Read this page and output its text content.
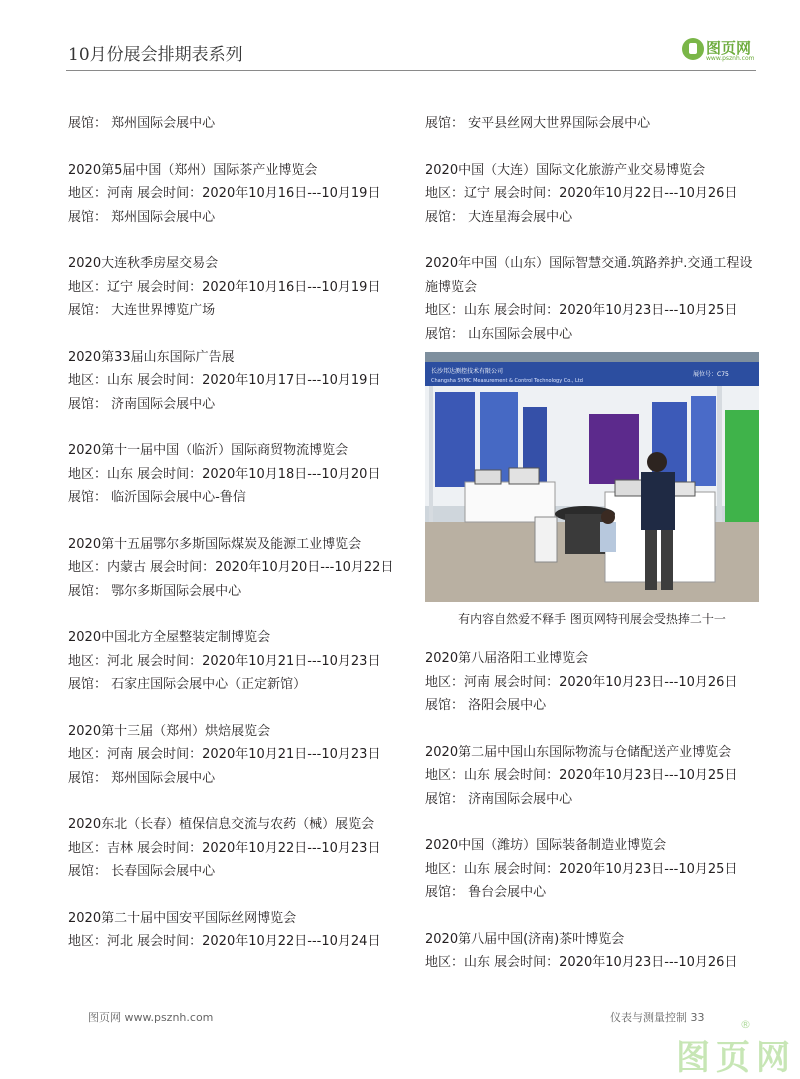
10月份展会排期表系列	图页网
www.psznh.com
展馆： 郑州国际会展中心
2020第5届中国（郑州）国际茶产业博览会
地区：河南 展会时间：2020年10月16日---10月19日
展馆： 郑州国际会展中心
2020大连秋季房屋交易会
地区：辽宁 展会时间：2020年10月16日---10月19日
展馆： 大连世界博览广场
2020第33届山东国际广告展
地区：山东 展会时间：2020年10月17日---10月19日
展馆： 济南国际会展中心
2020第十一届中国（临沂）国际商贸物流博览会
地区：山东 展会时间：2020年10月18日---10月20日
展馆： 临沂国际会展中心-鲁信
2020第十五届鄂尔多斯国际煤炭及能源工业博览会
地区：内蒙古 展会时间：2020年10月20日---10月22日
展馆： 鄂尔多斯国际会展中心
2020中国北方全屋整装定制博览会
地区：河北 展会时间：2020年10月21日---10月23日
展馆： 石家庄国际会展中心（正定新馆）
2020第十三届（郑州）烘焙展览会
地区：河南 展会时间：2020年10月21日---10月23日
展馆： 郑州国际会展中心
2020东北（长春）植保信息交流与农药（械）展览会
地区：吉林 展会时间：2020年10月22日---10月23日
展馆： 长春国际会展中心
2020第二十届中国安平国际丝网博览会
地区：河北 展会时间：2020年10月22日---10月24日
展馆： 安平县丝网大世界国际会展中心
2020中国（大连）国际文化旅游产业交易博览会
地区：辽宁 展会时间：2020年10月22日---10月26日
展馆： 大连星海会展中心
2020年中国（山东）国际智慧交通.筑路养护.交通工程设施博览会
地区：山东 展会时间：2020年10月23日---10月25日
展馆： 山东国际会展中心
长沙邦达测控技术有限公司
Changsha SYMC Measurement & Control Technology Co., Ltd
展位号：C75
有内容自然爱不释手 图页网特刊展会受热捧二十一
2020第八届洛阳工业博览会
地区：河南 展会时间：2020年10月23日---10月26日
展馆： 洛阳会展中心
2020第二届中国山东国际物流与仓储配送产业博览会
地区：山东 展会时间：2020年10月23日---10月25日
展馆： 济南国际会展中心
2020中国（潍坊）国际装备制造业博览会
地区：山东 展会时间：2020年10月23日---10月25日
展馆： 鲁台会展中心
2020第八届中国(济南)茶叶博览会
地区：山东 展会时间：2020年10月23日---10月26日
图页网 www.psznh.com	仪表与测量控制 33
图页网
®
